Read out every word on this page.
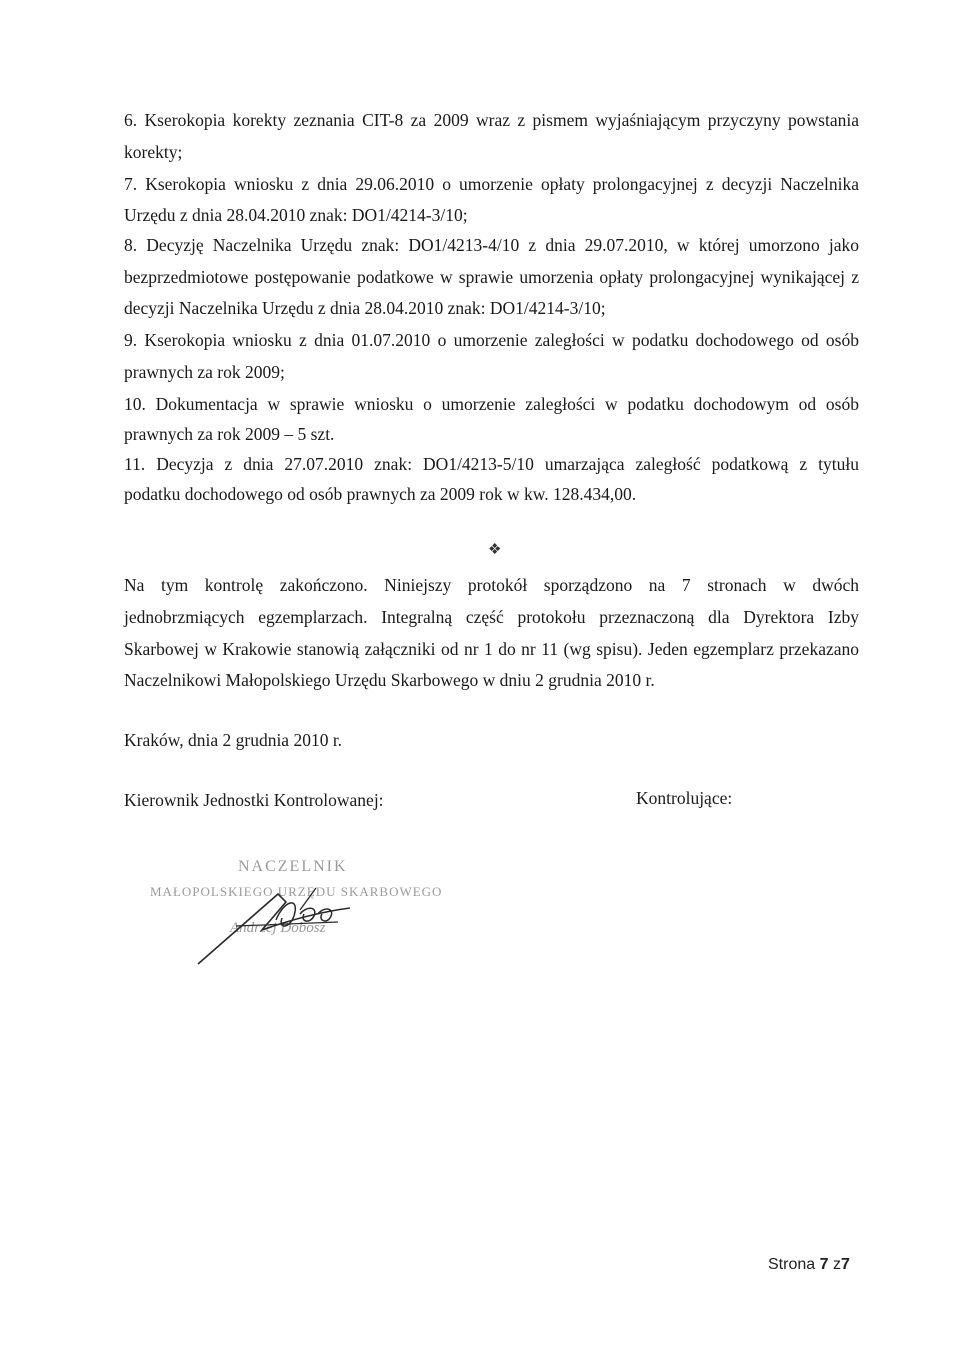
6. Kserokopia korekty zeznania CIT-8 za 2009 wraz z pismem wyjaśniającym przyczyny powstania
korekty;
7. Kserokopia wniosku z dnia 29.06.2010 o umorzenie opłaty prolongacyjnej z decyzji Naczelnika
Urzędu z dnia 28.04.2010 znak: DO1/4214-3/10;
8. Decyzję Naczelnika Urzędu znak: DO1/4213-4/10 z dnia 29.07.2010, w której umorzono jako
bezprzedmiotowe postępowanie podatkowe w sprawie umorzenia opłaty prolongacyjnej wynikającej z
decyzji Naczelnika Urzędu z dnia 28.04.2010 znak: DO1/4214-3/10;
9. Kserokopia wniosku z dnia 01.07.2010 o umorzenie zaległości w podatku dochodowego od osób
prawnych za rok 2009;
10. Dokumentacja w sprawie wniosku o umorzenie zaległości w podatku dochodowym od osób
prawnych za rok 2009 – 5 szt.
11. Decyzja z dnia 27.07.2010 znak: DO1/4213-5/10 umarzająca zaległość podatkową z tytułu
podatku dochodowego od osób prawnych za 2009 rok w kw. 128.434,00.
❖
Na tym kontrolę zakończono. Niniejszy protokół sporządzono na 7 stronach w dwóch
jednobrzmiących egzemplarzach. Integralną część protokołu przeznaczoną dla Dyrektora Izby
Skarbowej w Krakowie stanowią załączniki od nr 1 do nr 11 (wg spisu). Jeden egzemplarz przekazano
Naczelnikowi Małopolskiego Urzędu Skarbowego w dniu 2 grudnia 2010 r.
Kraków, dnia 2 grudnia 2010 r.
Kierownik Jednostki Kontrolowanej:	Kontrolujące:
NACZELNIK
MAŁOPOLSKIEGO URZĘDU SKARBOWEGO
Andrzej Dobosz
Strona 7 z7
